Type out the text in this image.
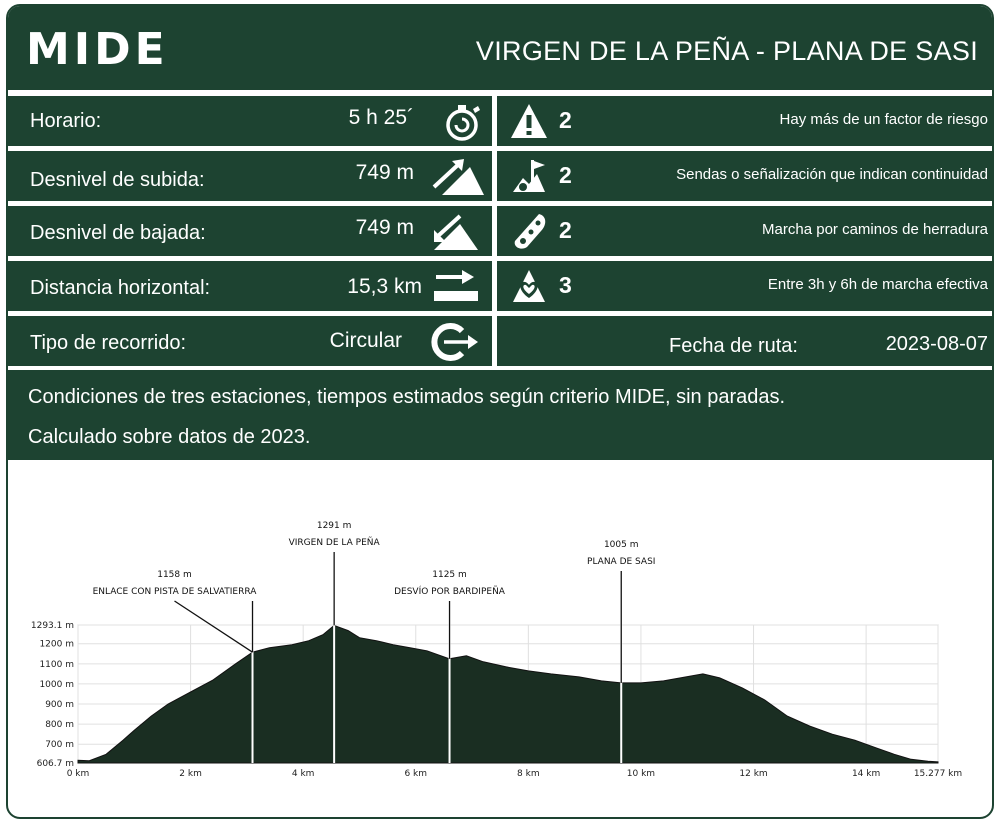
MIDE	VIRGEN DE LA PEÑA - PLANA DE SASI
Horario:	5 h 25´	2	Hay más de un factor de riesgo
Desnivel de subida:	749 m	2	Sendas o señalización que indican continuidad
Desnivel de bajada:	749 m	2	Marcha por caminos de herradura
Distancia horizontal:	15,3 km	3	Entre 3h y 6h de marcha efectiva
Tipo de recorrido:	Circular	Fecha de ruta:	2023-08-07

Condiciones de tres estaciones, tiempos estimados según criterio MIDE, sin paradas.

Calculado sobre datos de 2023.

606.7 m
700 m
800 m
900 m
1000 m
1100 m
1200 m
1293.1 m
0 km	2 km	4 km	6 km	8 km	10 km	12 km	14 km	15.277 km
1158 m
ENLACE CON PISTA DE SALVATIERRA
1291 m
VIRGEN DE LA PEÑA
1125 m
DESVÍO POR BARDIPEÑA
1005 m
PLANA DE SASI
